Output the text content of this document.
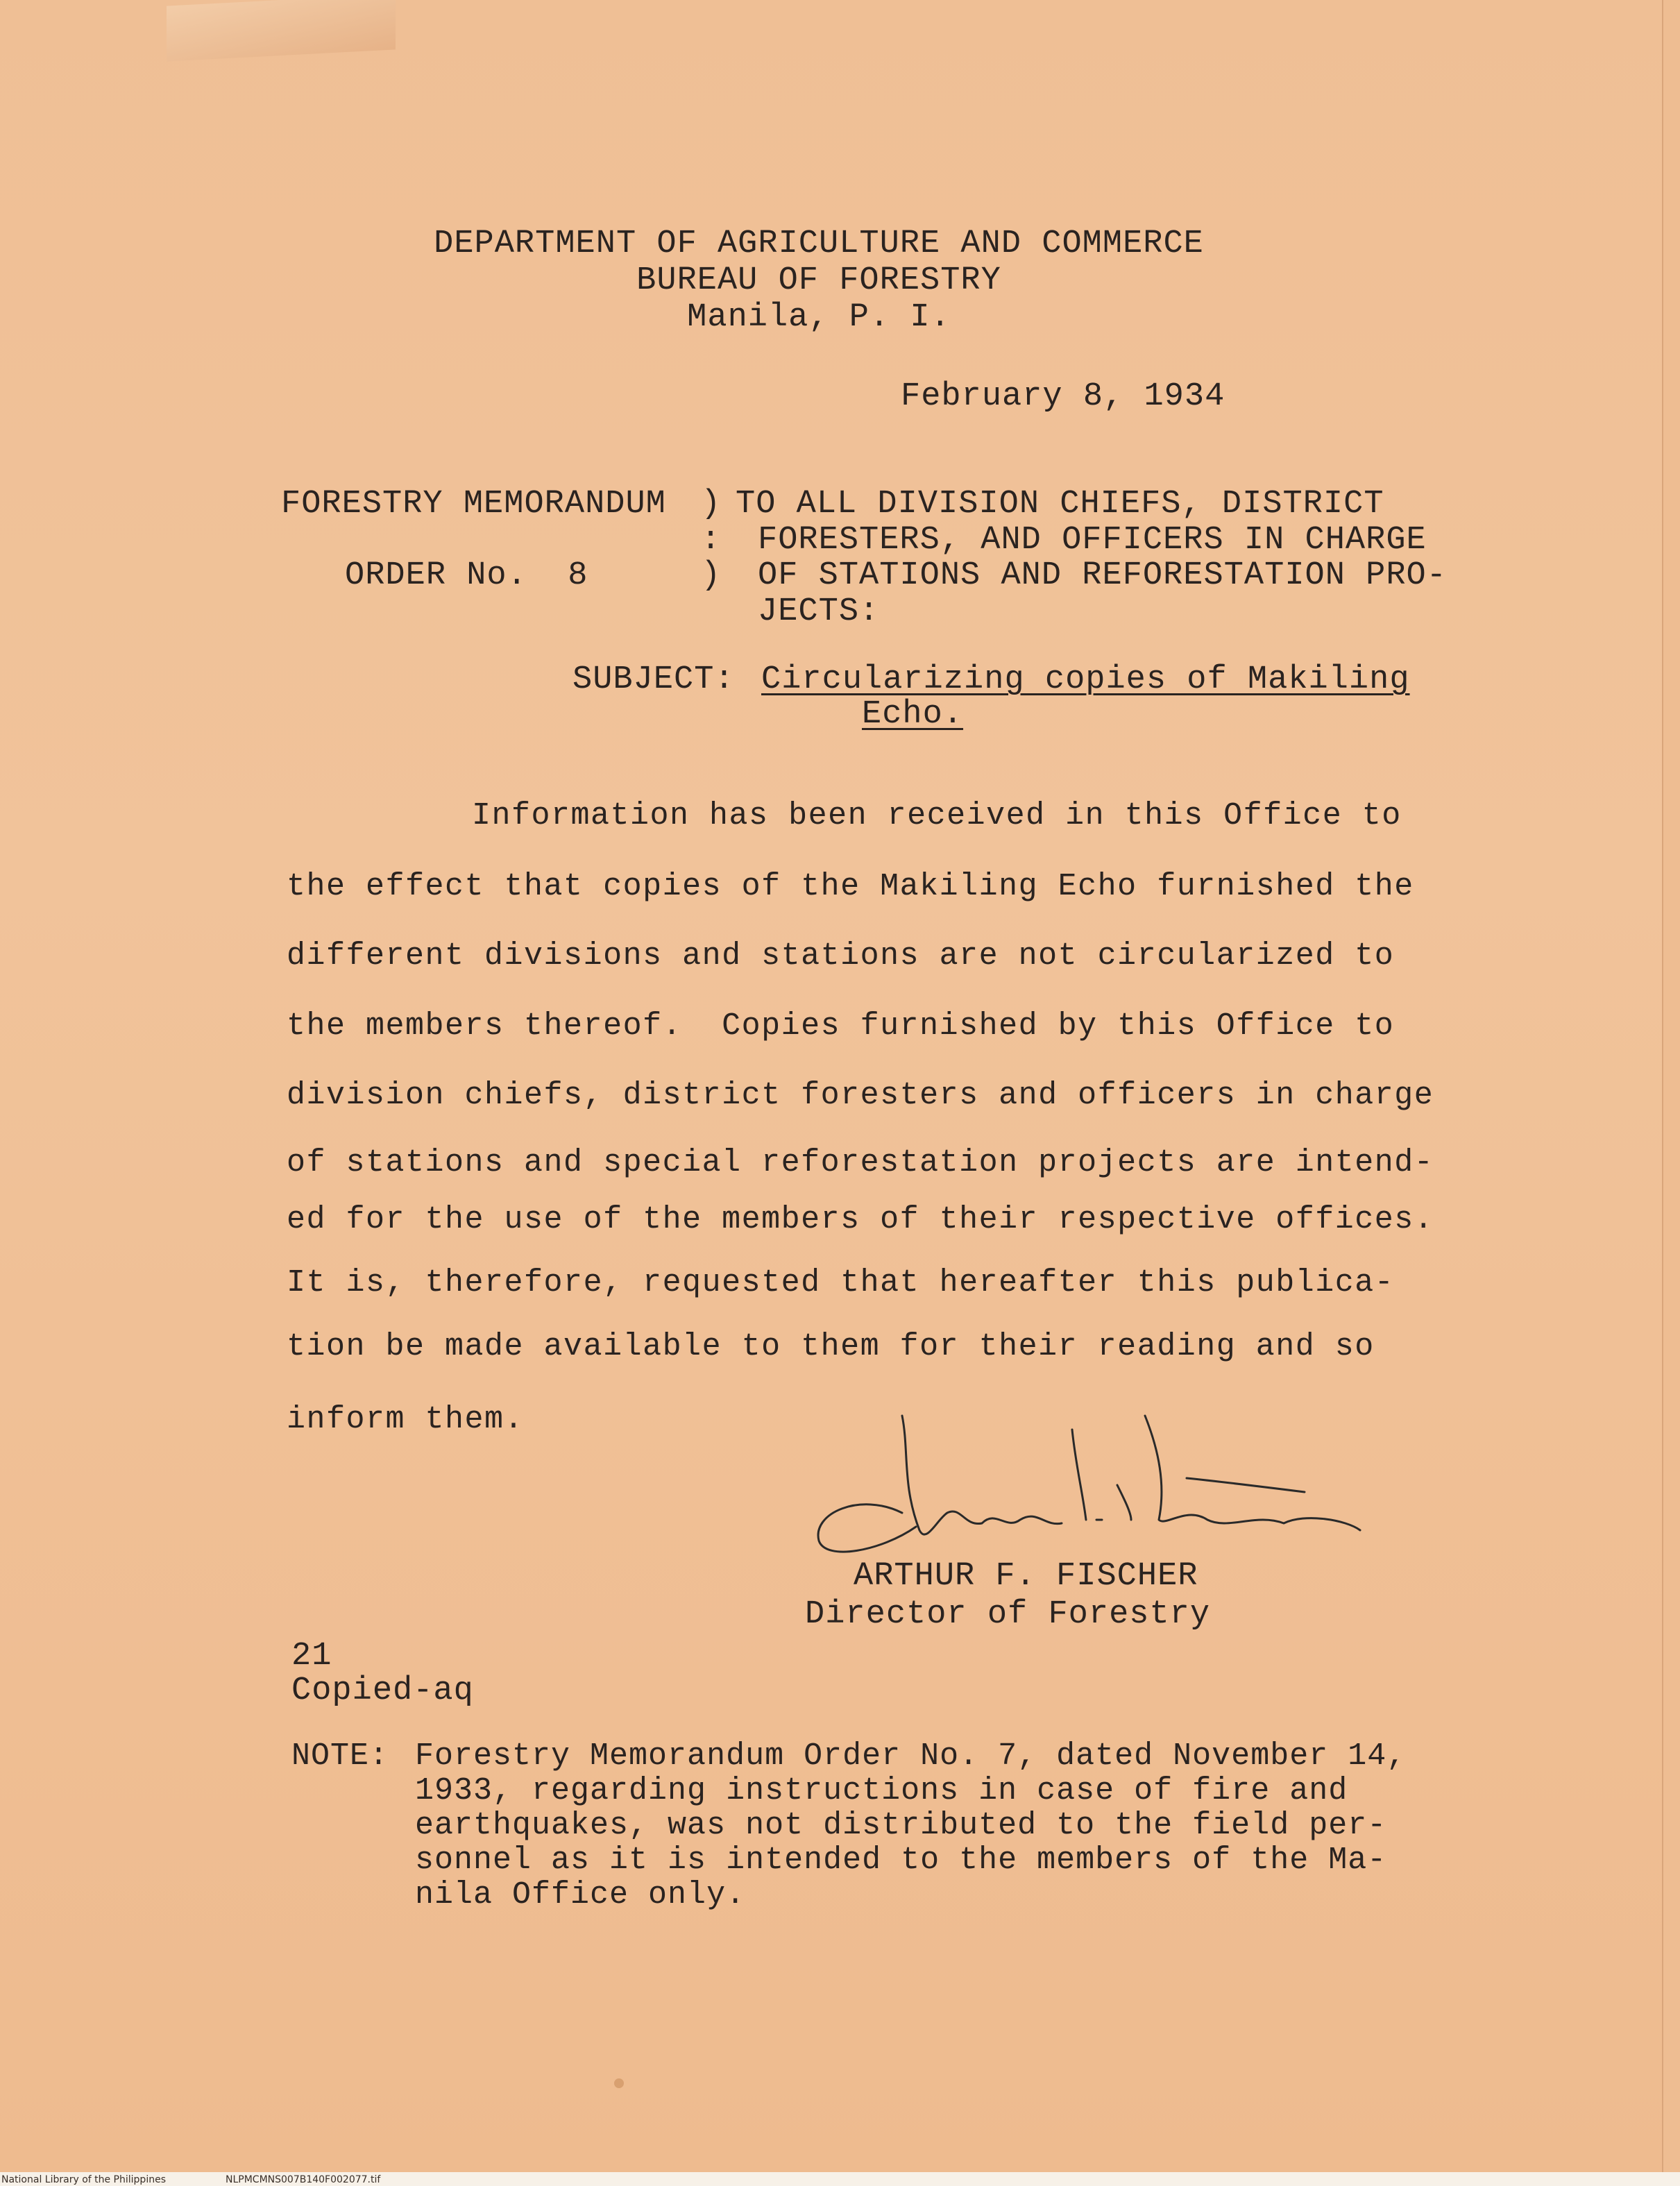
DEPARTMENT OF AGRICULTURE AND COMMERCE
BUREAU OF FORESTRY
Manila, P. I.
February 8, 1934
FORESTRY MEMORANDUM
ORDER No.  8
)
:
)
TO ALL DIVISION CHIEFS, DISTRICT
FORESTERS, AND OFFICERS IN CHARGE
OF STATIONS AND REFORESTATION PRO-
JECTS:
SUBJECT: Circularizing copies of Makiling
Echo.
Information has been received in this Office to
the effect that copies of the Makiling Echo furnished the
different divisions and stations are not circularized to
the members thereof.  Copies furnished by this Office to
division chiefs, district foresters and officers in charge
of stations and special reforestation projects are intend-
ed for the use of the members of their respective offices.
It is, therefore, requested that hereafter this publica-
tion be made available to them for their reading and so
inform them.
ARTHUR F. FISCHER
Director of Forestry
21
Copied-aq
NOTE: Forestry Memorandum Order No. 7, dated November 14,
1933, regarding instructions in case of fire and
earthquakes, was not distributed to the field per-
sonnel as it is intended to the members of the Ma-
nila Office only.
National Library of the Philippines	NLPMCMNS007B140F002077.tif
